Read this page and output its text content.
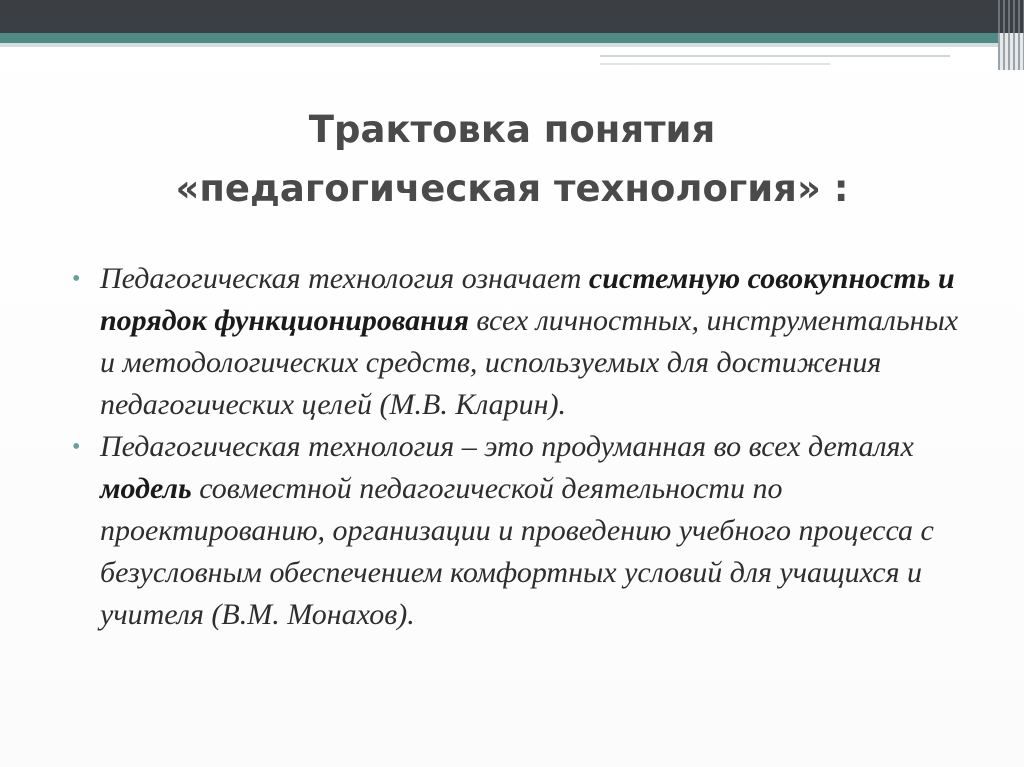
Трактовка понятия
«педагогическая технология» :
• Педагогическая технология означает системную совокупность и порядок функционирования всех личностных, инструментальных и методологических средств, используемых для достижения педагогических целей (М.В. Кларин).
• Педагогическая технология – это продуманная во всех деталях модель совместной педагогической деятельности по проектированию, организации и проведению учебного процесса с безусловным обеспечением комфортных условий для учащихся и учителя (В.М. Монахов).
